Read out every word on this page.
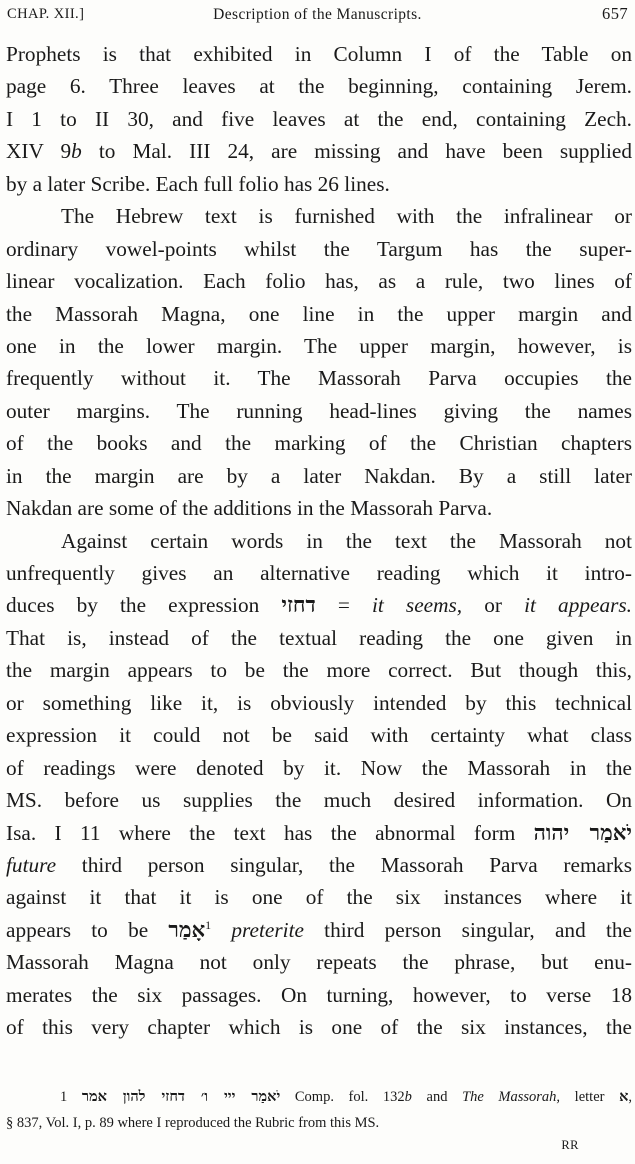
Description of the Manuscripts.
CHAP. XII.]	657
Prophets is that exhibited in Column I of the Table on
page 6. Three leaves at the beginning, containing Jerem.
I 1 to II 30, and five leaves at the end, containing Zech.
XIV 9b to Mal. III 24, are missing and have been supplied
by a later Scribe. Each full folio has 26 lines.
The Hebrew text is furnished with the infralinear or
ordinary vowel-points whilst the Targum has the super-
linear vocalization. Each folio has, as a rule, two lines of
the Massorah Magna, one line in the upper margin and
one in the lower margin. The upper margin, however, is
frequently without it. The Massorah Parva occupies the
outer margins. The running head-lines giving the names
of the books and the marking of the Christian chapters
in the margin are by a later Nakdan. By a still later
Nakdan are some of the additions in the Massorah Parva.
Against certain words in the text the Massorah not
unfrequently gives an alternative reading which it intro-
duces by the expression דחזי = it seems, or it appears.
That is, instead of the textual reading the one given in
the margin appears to be the more correct. But though this,
or something like it, is obviously intended by this technical
expression it could not be said with certainty what class
of readings were denoted by it. Now the Massorah in the
MS. before us supplies the much desired information. On
Isa. I 11 where the text has the abnormal form יֹאמַר יהוה
future third person singular, the Massorah Parva remarks
against it that it is one of the six instances where it
appears to be אָמַר$^1$ preterite third person singular, and the
Massorah Magna not only repeats the phrase, but enu-
merates the six passages. On turning, however, to verse 18
of this very chapter which is one of the six instances, the
1 יֹאמַר ייי ו׳ דחזי להון אמר Comp. fol. 132b and The Massorah, letter א,
§ 837, Vol. I, p. 89 where I reproduced the Rubric from this MS.
RR
